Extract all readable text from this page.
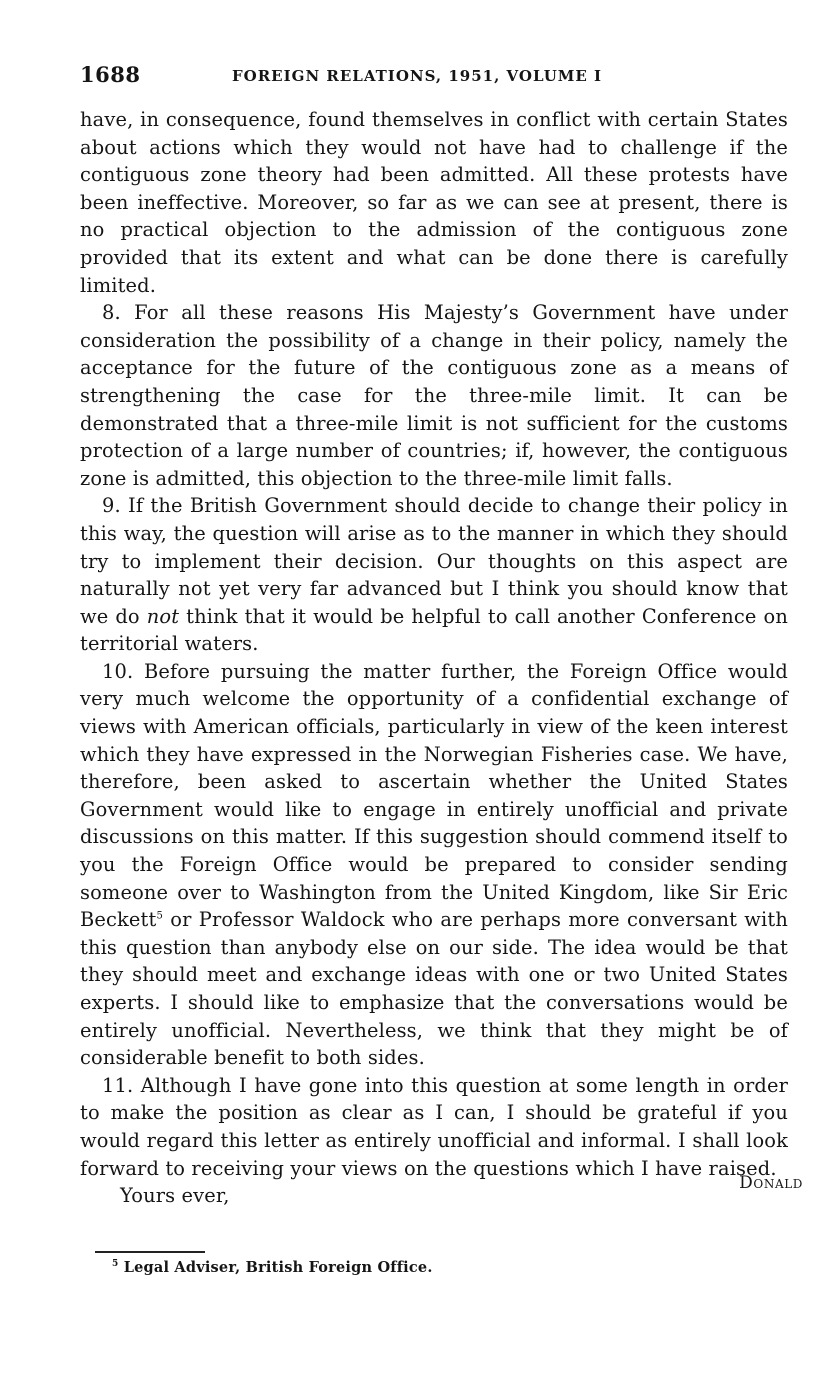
1688	FOREIGN RELATIONS, 1951, VOLUME I

have, in consequence, found themselves in conflict with certain States about actions which they would not have had to challenge if the contiguous zone theory had been admitted. All these protests have been ineffective. Moreover, so far as we can see at present, there is no practical objection to the admission of the contiguous zone provided that its extent and what can be done there is carefully limited.

8. For all these reasons His Majesty’s Government have under consideration the possibility of a change in their policy, namely the acceptance for the future of the contiguous zone as a means of strengthening the case for the three-mile limit. It can be demonstrated that a three-mile limit is not sufficient for the customs protection of a large number of countries; if, however, the contiguous zone is admitted, this objection to the three-mile limit falls.

9. If the British Government should decide to change their policy in this way, the question will arise as to the manner in which they should try to implement their decision. Our thoughts on this aspect are naturally not yet very far advanced but I think you should know that we do not think that it would be helpful to call another Conference on territorial waters.

10. Before pursuing the matter further, the Foreign Office would very much welcome the opportunity of a confidential exchange of views with American officials, particularly in view of the keen interest which they have expressed in the Norwegian Fisheries case. We have, therefore, been asked to ascertain whether the United States Government would like to engage in entirely unofficial and private discussions on this matter. If this suggestion should commend itself to you the Foreign Office would be prepared to consider sending someone over to Washington from the United Kingdom, like Sir Eric Beckett$^5$ or Professor Waldock who are perhaps more conversant with this question than anybody else on our side. The idea would be that they should meet and exchange ideas with one or two United States experts. I should like to emphasize that the conversations would be entirely unofficial. Nevertheless, we think that they might be of considerable benefit to both sides.

11. Although I have gone into this question at some length in order to make the position as clear as I can, I should be grateful if you would regard this letter as entirely unofficial and informal. I shall look forward to receiving your views on the questions which I have raised.

Yours ever,
Donald
$^5$ Legal Adviser, British Foreign Office.
